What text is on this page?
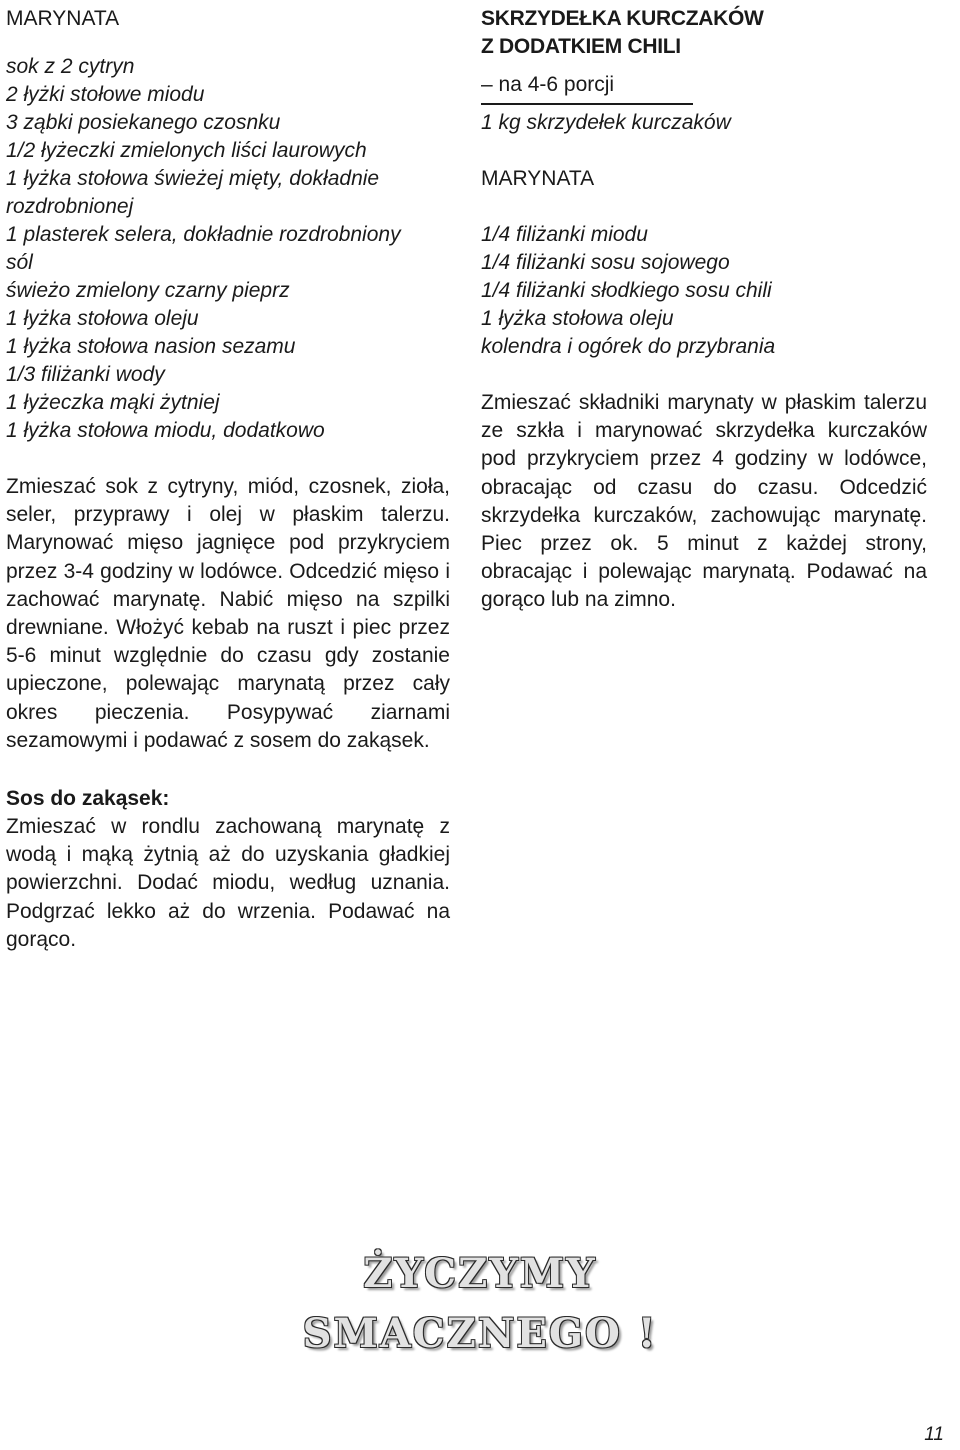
MARYNATA
sok z 2 cytryn
2 łyżki stołowe miodu
3 ząbki posiekanego czosnku
1/2 łyżeczki zmielonych liści laurowych
1 łyżka stołowa świeżej mięty, dokładnie
rozdrobnionej
1 plasterek selera, dokładnie rozdrobniony
sól
świeżo zmielony czarny pieprz
1 łyżka stołowa oleju
1 łyżka stołowa nasion sezamu
1/3 filiżanki wody
1 łyżeczka mąki żytniej
1 łyżka stołowa miodu, dodatkowo

Zmieszać sok z cytryny, miód, czosnek, zioła, seler, przyprawy i olej w płaskim talerzu. Marynować mięso jagnięce pod przykryciem przez 3-4 godziny w lodówce. Odcedzić mięso i zachować marynatę. Nabić mięso na szpilki drewniane. Włożyć kebab na ruszt i piec przez 5-6 minut względnie do czasu gdy zostanie upieczone, polewając marynatą przez cały okres pieczenia. Posypywać ziarnami sezamowymi i podawać z sosem do zakąsek.

Sos do zakąsek:

Zmieszać w rondlu zachowaną marynatę z wodą i mąką żytnią aż do uzyskania gładkiej powierzchni. Dodać miodu, według uznania. Podgrzać lekko aż do wrzenia. Podawać na gorąco.

SKRZYDEŁKA KURCZAKÓW
Z DODATKIEM CHILI

– na 4-6 porcji

1 kg skrzydełek kurczaków

MARYNATA
1/4 filiżanki miodu
1/4 filiżanki sosu sojowego
1/4 filiżanki słodkiego sosu chili
1 łyżka stołowa oleju
kolendra i ogórek do przybrania

Zmieszać składniki marynaty w płaskim talerzu ze szkła i marynować skrzydełka kurczaków pod przykryciem przez 4 godziny w lodówce, obracając od czasu do czasu. Odcedzić skrzydełka kurczaków, zachowując marynatę. Piec przez ok. 5 minut z każdej strony, obracając i polewając marynatą. Podawać na gorąco lub na zimno.

ŻYCZYMY
SMACZNEGO !
11
